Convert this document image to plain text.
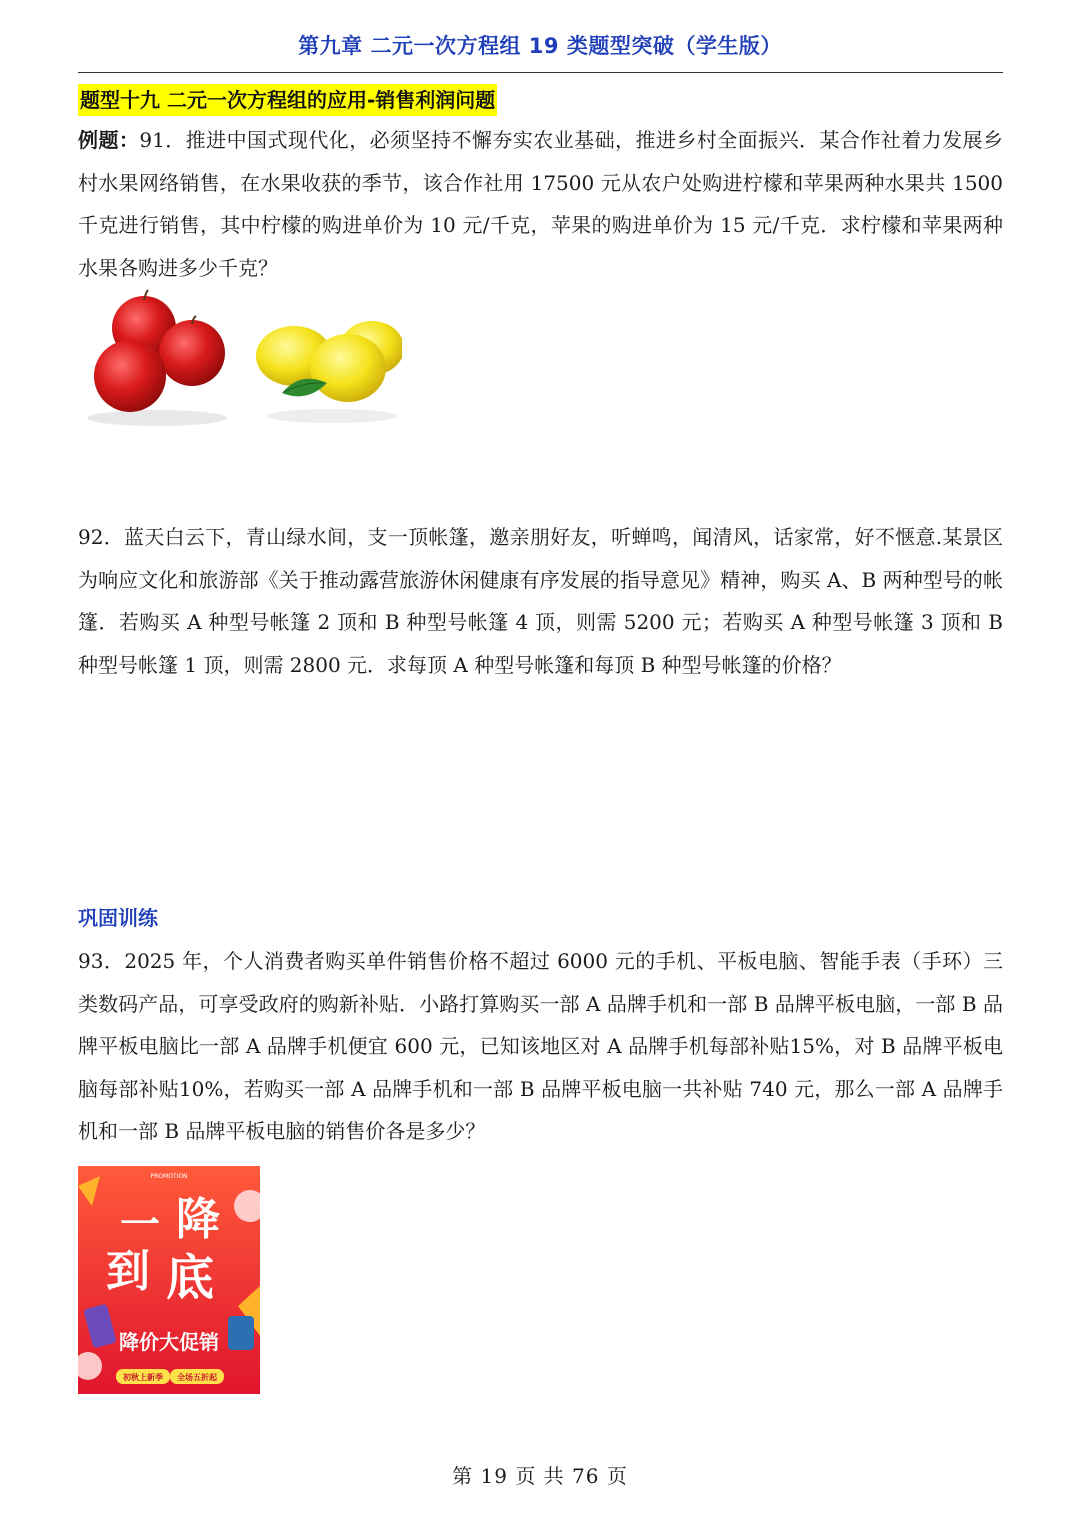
第九章 二元一次方程组 19 类题型突破（学生版）
题型十九 二元一次方程组的应用-销售利润问题
例题：91．推进中国式现代化，必须坚持不懈夯实农业基础，推进乡村全面振兴．某合作社着力发展乡村水果网络销售，在水果收获的季节，该合作社用 17500 元从农户处购进柠檬和苹果两种水果共 1500 千克进行销售，其中柠檬的购进单价为 10 元/千克，苹果的购进单价为 15 元/千克．求柠檬和苹果两种水果各购进多少千克？
92．蓝天白云下，青山绿水间，支一顶帐篷，邀亲朋好友，听蝉鸣，闻清风，话家常，好不惬意.某景区为响应文化和旅游部《关于推动露营旅游休闲健康有序发展的指导意见》精神，购买 A、B 两种型号的帐篷．若购买 A 种型号帐篷 2 顶和 B 种型号帐篷 4 顶，则需 5200 元；若购买 A 种型号帐篷 3 顶和 B 种型号帐篷 1 顶，则需 2800 元．求每顶 A 种型号帐篷和每顶 B 种型号帐篷的价格？
巩固训练
93．2025 年，个人消费者购买单件销售价格不超过 6000 元的手机、平板电脑、智能手表（手环）三类数码产品，可享受政府的购新补贴．小路打算购买一部 A 品牌手机和一部 B 品牌平板电脑，一部 B 品牌平板电脑比一部 A 品牌手机便宜 600 元，已知该地区对 A 品牌手机每部补贴15%，对 B 品牌平板电脑每部补贴10%，若购买一部 A 品牌手机和一部 B 品牌平板电脑一共补贴 740 元，那么一部 A 品牌手机和一部 B 品牌平板电脑的销售价各是多少？
PROMOTION
一 降
到 底
降价大促销
初秋上新季 全场五折起
第 19 页 共 76 页
